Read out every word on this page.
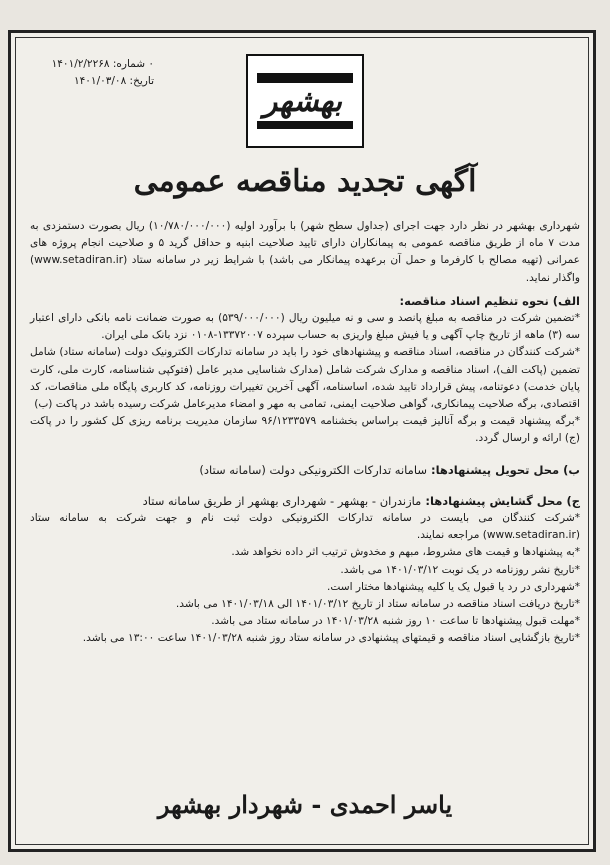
۰ شماره: ۱۴۰۱/۲/۲۲۶۸
تاریخ: ۱۴۰۱/۰۳/۰۸
بهشهر
آگهی تجدید مناقصه عمومی

شهرداری بهشهر در نظر دارد جهت اجرای (جداول سطح شهر) با برآورد اولیه (۱۰/۷۸۰/۰۰۰/۰۰۰) ریال بصورت دستمزدی به مدت ۷ ماه از طریق مناقصه عمومی به پیمانکاران دارای تایید صلاحیت ابنیه و حداقل گرید ۵ و صلاحیت انجام پروژه های عمرانی (تهیه مصالح با کارفرما و حمل آن برعهده پیمانکار می باشد) با شرایط زیر در سامانه ستاد (www.setadiran.ir) واگذار نماید.

الف) نحوه تنظیم اسناد مناقصه:

*تضمین شرکت در مناقصه به مبلغ پانصد و سی و نه میلیون ریال (۵۳۹/۰۰۰/۰۰۰) به صورت ضمانت نامه بانکی دارای اعتبار سه (۳) ماهه از تاریخ چاپ آگهی و یا فیش مبلغ واریزی به حساب سپرده ۱۳۳۷۲۰۰۷-۰۱۰۸ نزد بانک ملی ایران.

*شرکت کنندگان در مناقصه، اسناد مناقصه و پیشنهادهای خود را باید در سامانه تدارکات الکترونیک دولت (سامانه ستاد) شامل تضمین (پاکت الف)، اسناد مناقصه و مدارک شرکت شامل (مدارک شناسایی مدیر عامل (فتوکپی شناسنامه، کارت ملی، کارت پایان خدمت) دعوتنامه، پیش قرارداد تایید شده، اساسنامه، آگهی آخرین تغییرات روزنامه، کد کاربری پایگاه ملی مناقصات، کد اقتصادی، برگه صلاحیت پیمانکاری، گواهی صلاحیت ایمنی، تمامی به مهر و امضاء مدیرعامل شرکت رسیده باشد در پاکت (ب)

*برگه پیشنهاد قیمت و برگه آنالیز قیمت براساس بخشنامه ۹۶/۱۲۳۳۵۷۹ سازمان مدیریت برنامه ریزی کل کشور را در پاکت (ج) ارائه و ارسال گردد.

ب) محل تحویل پیشنهادها: سامانه تدارکات الکترونیکی دولت (سامانه ستاد)

ج) محل گشایش پیشنهادها: مازندران - بهشهر - شهرداری بهشهر از طریق سامانه ستاد

*شرکت کنندگان می بایست در سامانه تدارکات الکترونیکی دولت ثبت نام و جهت شرکت به سامانه ستاد (www.setadiran.ir) مراجعه نمایند.

*به پیشنهادها و قیمت های مشروط، مبهم و مخدوش ترتیب اثر داده نخواهد شد.

*تاریخ نشر روزنامه در یک نوبت ۱۴۰۱/۰۳/۱۲ می باشد.

*شهرداری در رد یا قبول یک یا کلیه پیشنهادها مختار است.

*تاریخ دریافت اسناد مناقصه در سامانه ستاد از تاریخ ۱۴۰۱/۰۳/۱۲ الی ۱۴۰۱/۰۳/۱۸ می باشد.

*مهلت قبول پیشنهادها تا ساعت ۱۰ روز شنبه ۱۴۰۱/۰۳/۲۸ در سامانه ستاد می باشد.

*تاریخ بازگشایی اسناد مناقصه و قیمتهای پیشنهادی در سامانه ستاد روز شنبه ۱۴۰۱/۰۳/۲۸ ساعت ۱۳:۰۰ می باشد.

یاسر احمدی - شهردار بهشهر
